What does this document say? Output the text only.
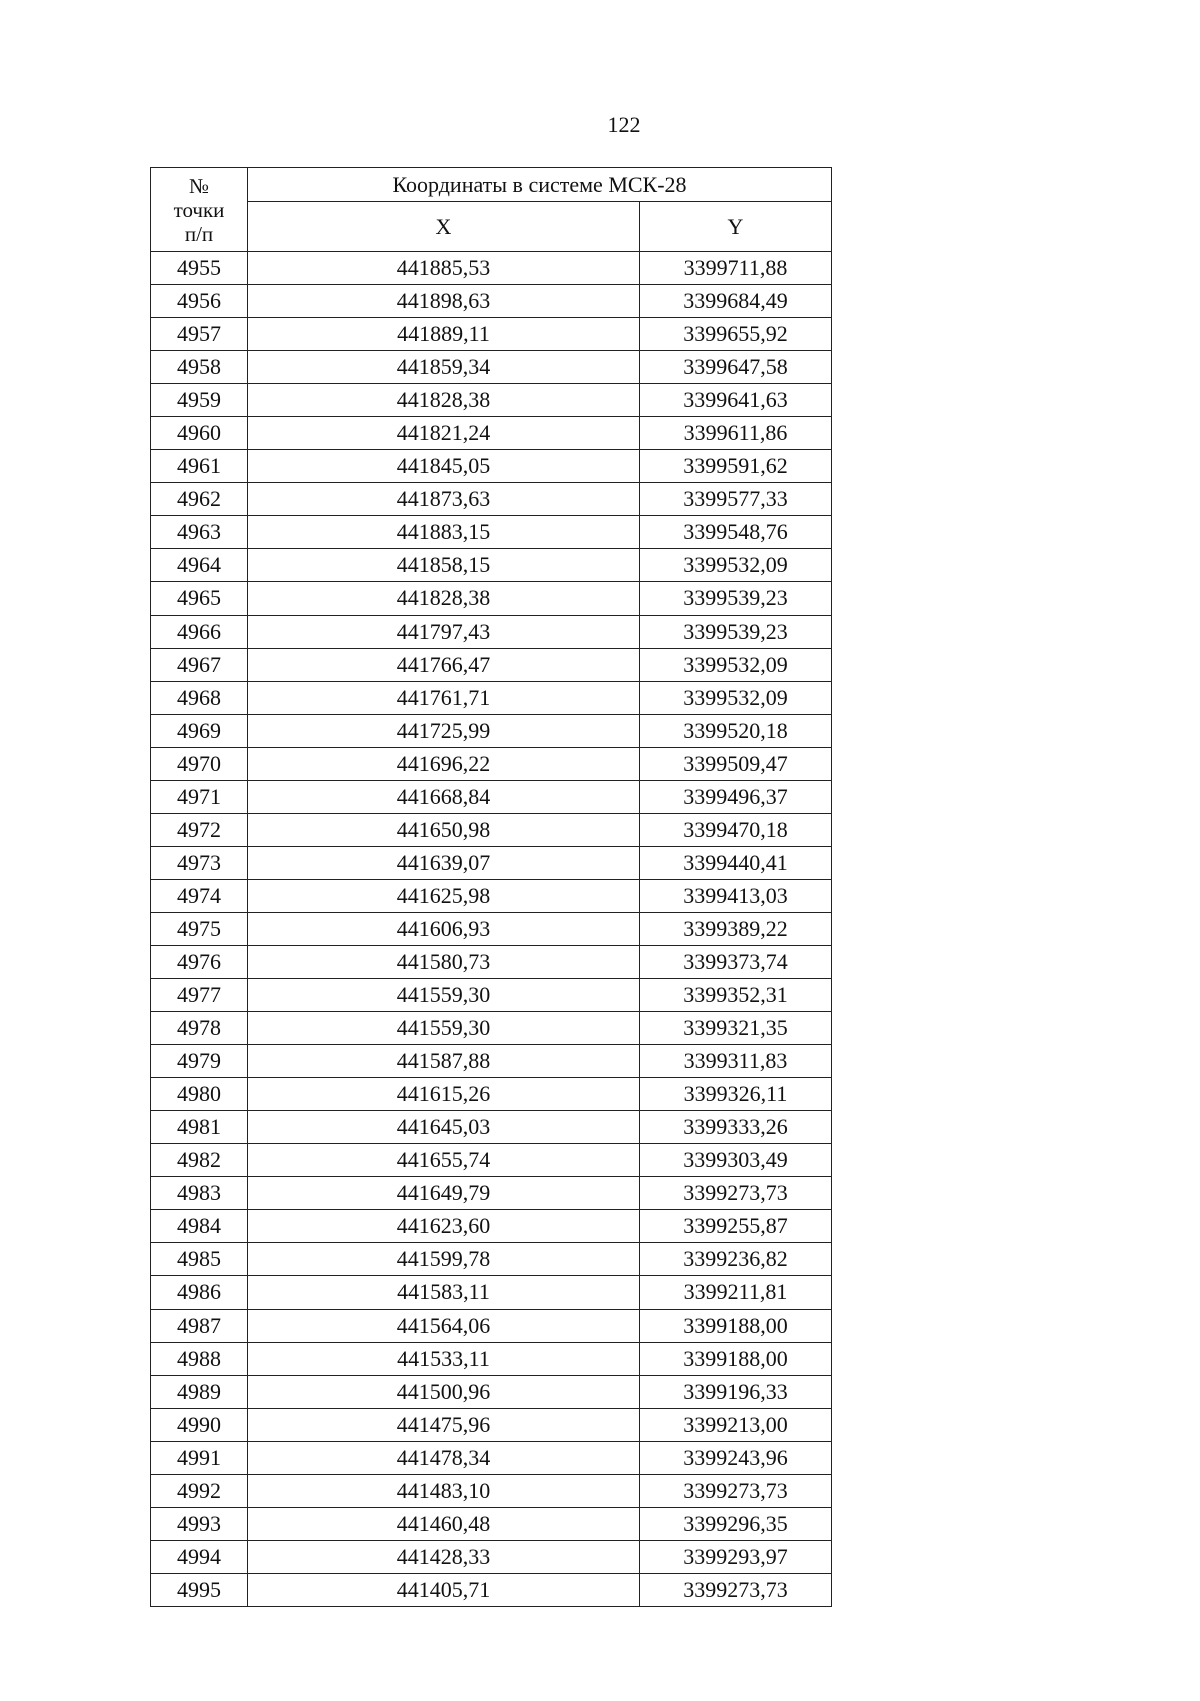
122
№
точки
п/п	Координаты в системе МСК-28	
	X	Y
4955	441885,53	3399711,88
4956	441898,63	3399684,49
4957	441889,11	3399655,92
4958	441859,34	3399647,58
4959	441828,38	3399641,63
4960	441821,24	3399611,86
4961	441845,05	3399591,62
4962	441873,63	3399577,33
4963	441883,15	3399548,76
4964	441858,15	3399532,09
4965	441828,38	3399539,23
4966	441797,43	3399539,23
4967	441766,47	3399532,09
4968	441761,71	3399532,09
4969	441725,99	3399520,18
4970	441696,22	3399509,47
4971	441668,84	3399496,37
4972	441650,98	3399470,18
4973	441639,07	3399440,41
4974	441625,98	3399413,03
4975	441606,93	3399389,22
4976	441580,73	3399373,74
4977	441559,30	3399352,31
4978	441559,30	3399321,35
4979	441587,88	3399311,83
4980	441615,26	3399326,11
4981	441645,03	3399333,26
4982	441655,74	3399303,49
4983	441649,79	3399273,73
4984	441623,60	3399255,87
4985	441599,78	3399236,82
4986	441583,11	3399211,81
4987	441564,06	3399188,00
4988	441533,11	3399188,00
4989	441500,96	3399196,33
4990	441475,96	3399213,00
4991	441478,34	3399243,96
4992	441483,10	3399273,73
4993	441460,48	3399296,35
4994	441428,33	3399293,97
4995	441405,71	3399273,73
